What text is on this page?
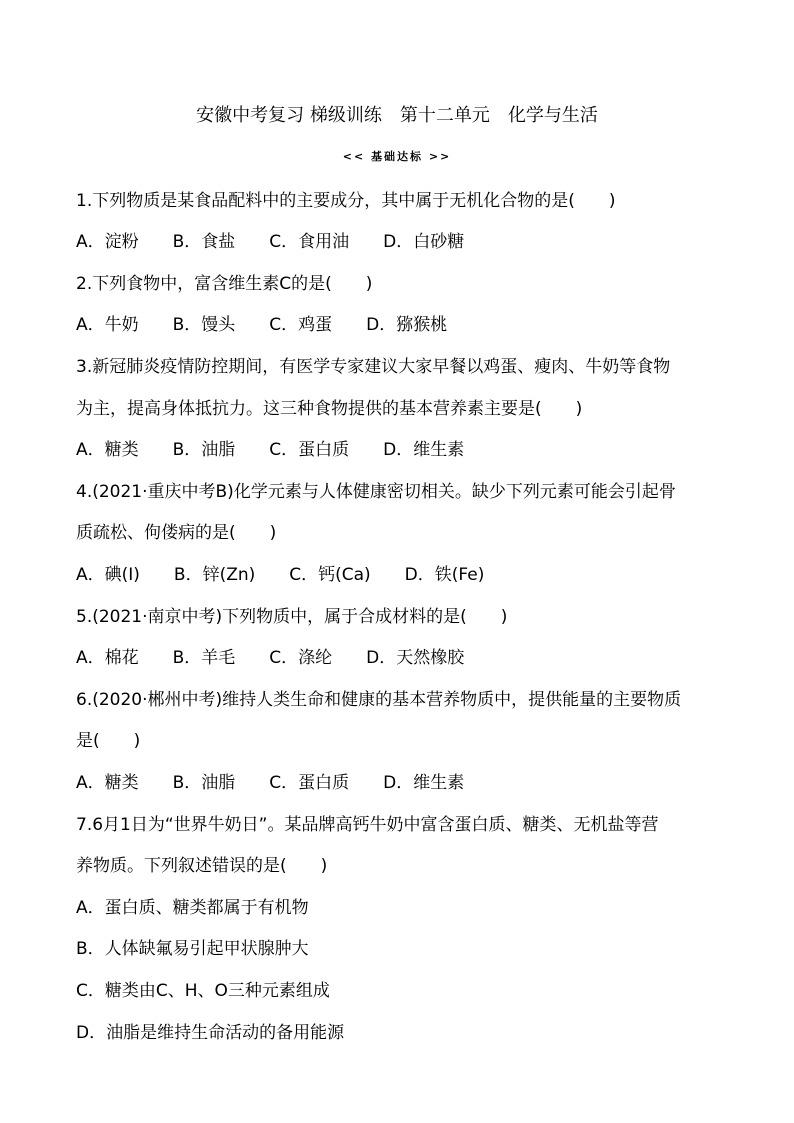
安徽中考复习 梯级训练　第十二单元　化学与生活
<< 基础达标 >>
1.下列物质是某食品配料中的主要成分，其中属于无机化合物的是(　　)
A．淀粉　　B．食盐　　C．食用油　　D．白砂糖
2.下列食物中，富含维生素C的是(　　)
A．牛奶　　B．馒头　　C．鸡蛋　　D．猕猴桃
3.新冠肺炎疫情防控期间，有医学专家建议大家早餐以鸡蛋、瘦肉、牛奶等食物
为主，提高身体抵抗力。这三种食物提供的基本营养素主要是(　　)
A．糖类　　B．油脂　　C．蛋白质　　D．维生素
4.(2021·重庆中考B)化学元素与人体健康密切相关。缺少下列元素可能会引起骨
质疏松、佝偻病的是(　　)
A．碘(I)　　B．锌(Zn)　　C．钙(Ca)　　D．铁(Fe)
5.(2021·南京中考)下列物质中，属于合成材料的是(　　)
A．棉花　　B．羊毛　　C．涤纶　　D．天然橡胶
6.(2020·郴州中考)维持人类生命和健康的基本营养物质中，提供能量的主要物质
是(　　)
A．糖类　　B．油脂　　C．蛋白质　　D．维生素
7.6月1日为“世界牛奶日”。某品牌高钙牛奶中富含蛋白质、糖类、无机盐等营
养物质。下列叙述错误的是(　　)
A．蛋白质、糖类都属于有机物
B．人体缺氟易引起甲状腺肿大
C．糖类由C、H、O三种元素组成
D．油脂是维持生命活动的备用能源
